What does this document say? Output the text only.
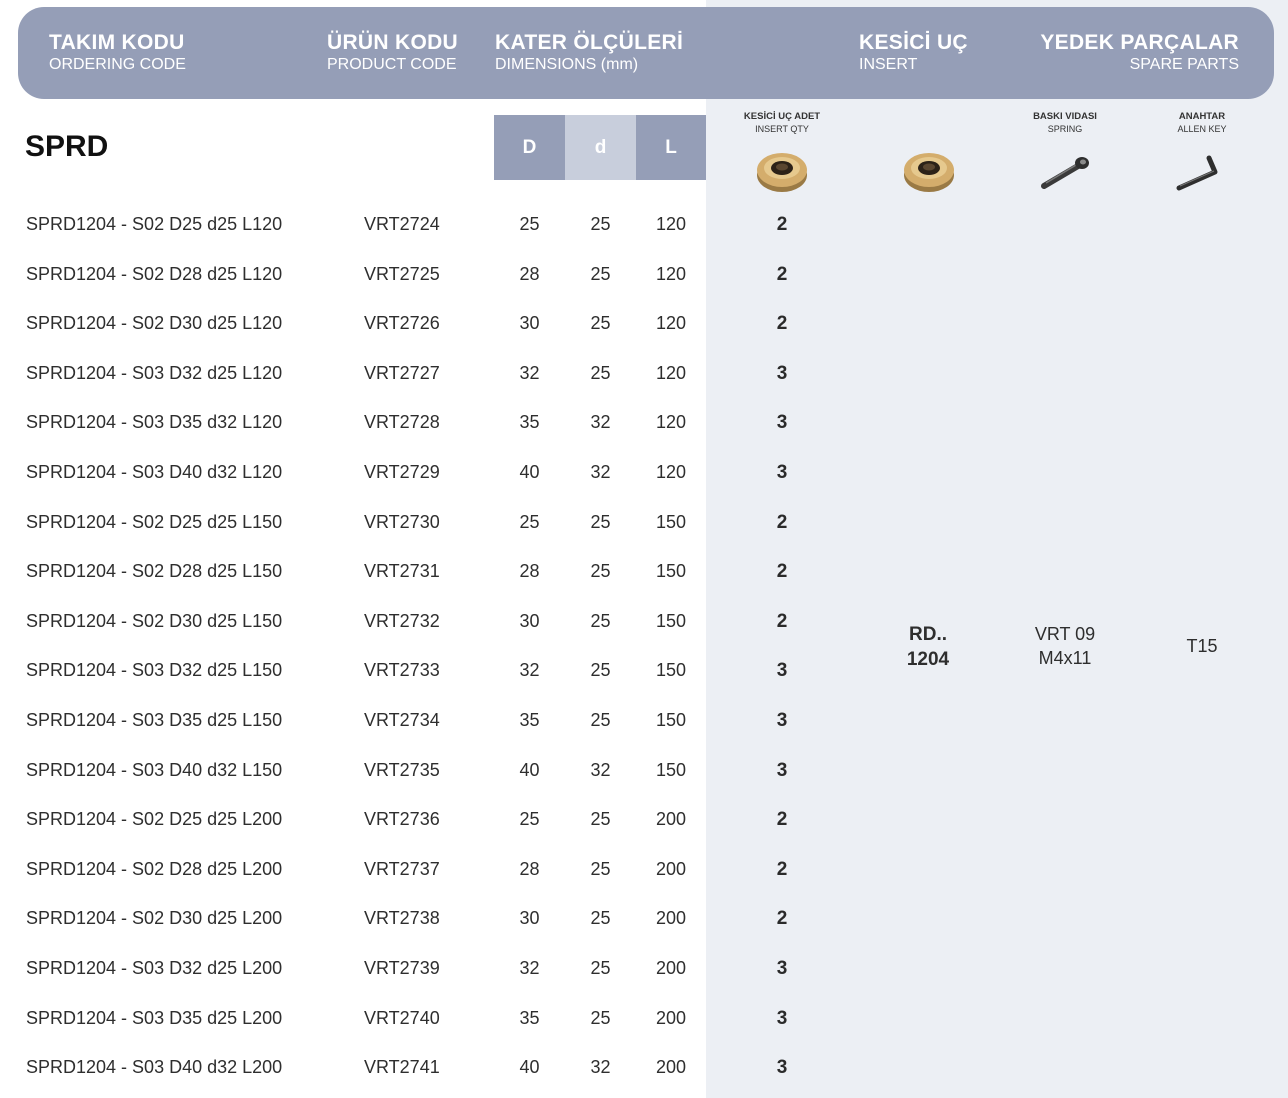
TAKIM KODU
ORDERING CODE
ÜRÜN KODU
PRODUCT CODE
KATER ÖLÇÜLERİ
DIMENSIONS (mm)
KESİCİ UÇ
INSERT
YEDEK PARÇALAR
SPARE PARTS
SPRD	D	d	L
KESİCİ UÇ ADET
INSERT QTY
BASKI VIDASI
SPRING
ANAHTAR
ALLEN KEY
SPRD1204 - S02 D25 d25 L120	VRT2724	25	25	120	2
SPRD1204 - S02 D28 d25 L120	VRT2725	28	25	120	2
SPRD1204 - S02 D30 d25 L120	VRT2726	30	25	120	2
SPRD1204 - S03 D32 d25 L120	VRT2727	32	25	120	3
SPRD1204 - S03 D35 d32 L120	VRT2728	35	32	120	3
SPRD1204 - S03 D40 d32 L120	VRT2729	40	32	120	3
SPRD1204 - S02 D25 d25 L150	VRT2730	25	25	150	2
SPRD1204 - S02 D28 d25 L150	VRT2731	28	25	150	2
SPRD1204 - S02 D30 d25 L150	VRT2732	30	25	150	2
SPRD1204 - S03 D32 d25 L150	VRT2733	32	25	150	3
SPRD1204 - S03 D35 d25 L150	VRT2734	35	25	150	3
SPRD1204 - S03 D40 d32 L150	VRT2735	40	32	150	3
SPRD1204 - S02 D25 d25 L200	VRT2736	25	25	200	2
SPRD1204 - S02 D28 d25 L200	VRT2737	28	25	200	2
SPRD1204 - S02 D30 d25 L200	VRT2738	30	25	200	2
SPRD1204 - S03 D32 d25 L200	VRT2739	32	25	200	3
SPRD1204 - S03 D35 d25 L200	VRT2740	35	25	200	3
SPRD1204 - S03 D40 d32 L200	VRT2741	40	32	200	3
RD..
1204
VRT 09
M4x11
T15
